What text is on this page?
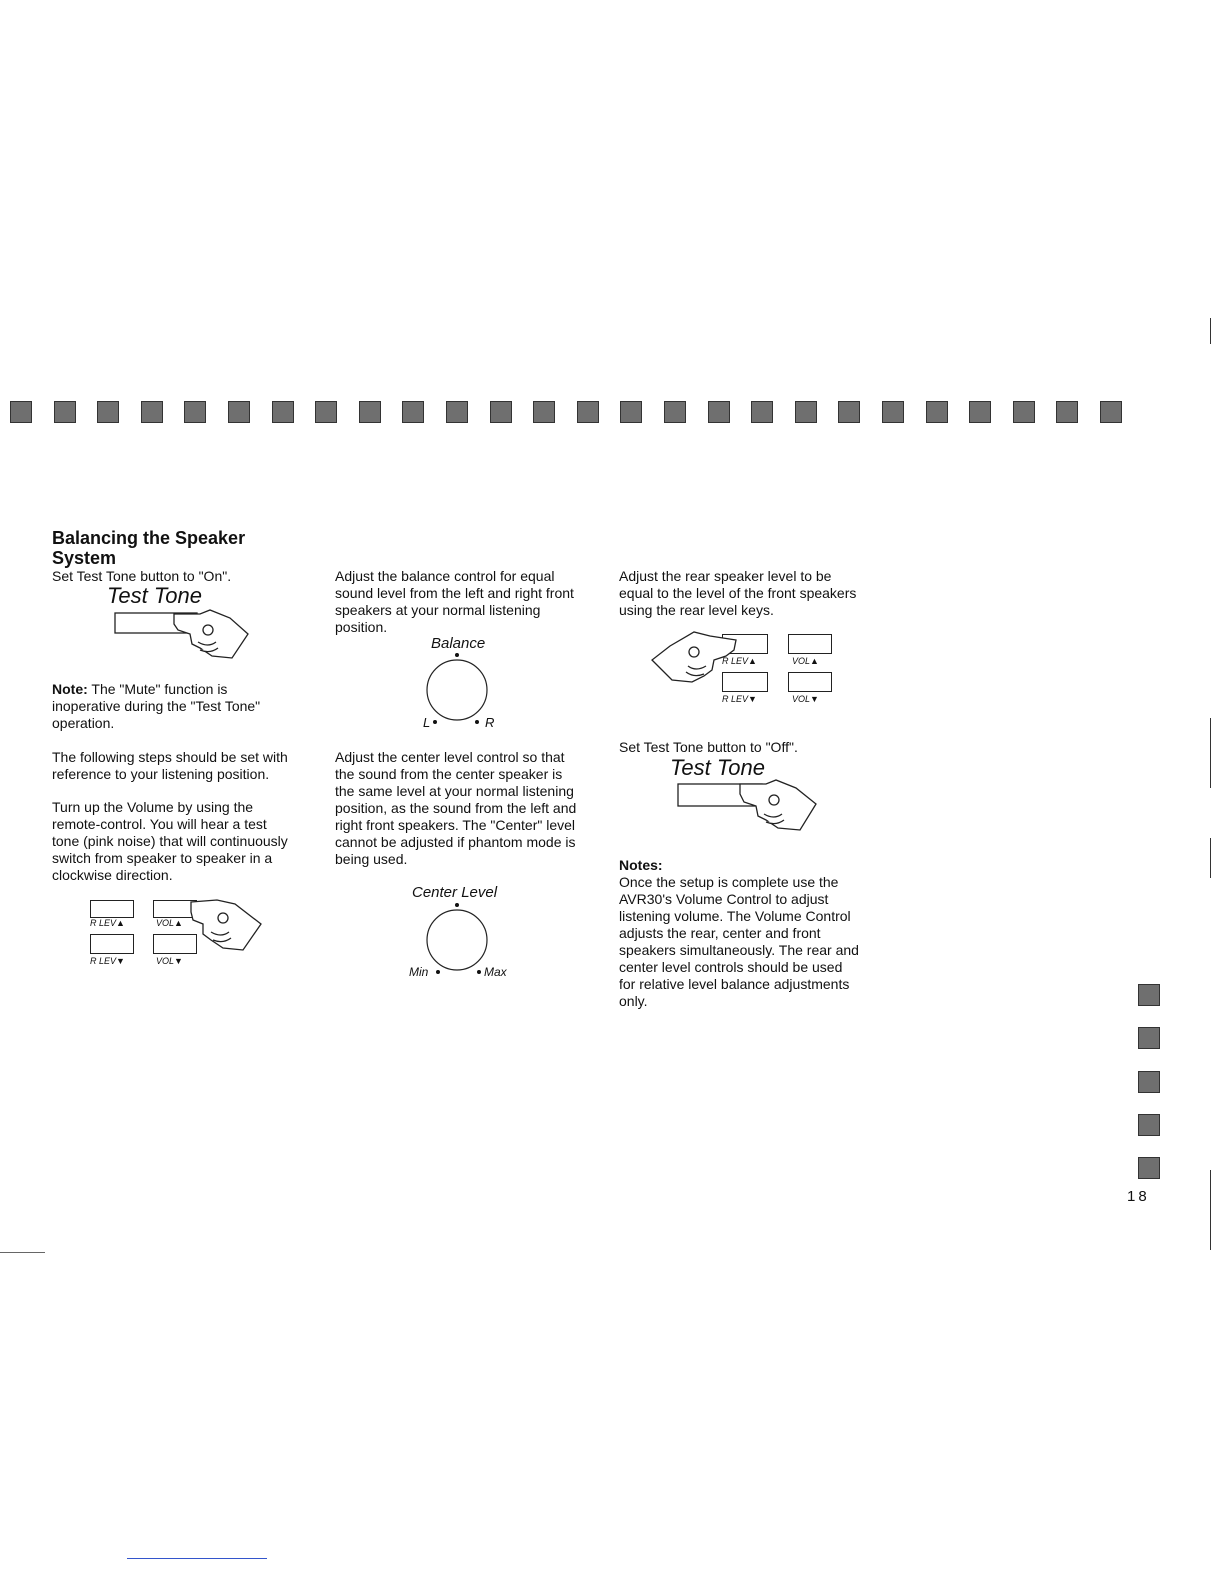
Balancing the Speaker System

Set Test Tone button to "On".

Test Tone

Note: The "Mute" function is inoperative during the "Test Tone" operation.

The following steps should be set with reference to your listening position.

Turn up the Volume by using the remote-control. You will hear a test tone (pink noise) that will continuously switch from speaker to speaker in a clockwise direction.

R LEV▲	VOL▲
R LEV▼	VOL▼

Adjust the balance control for equal sound level from the left and right front speakers at your normal listening position.

Balance
L	R

Adjust the center level control so that the sound from the center speaker is the same level at your normal listening position, as the sound from the left and right front speakers. The "Center" level cannot be adjusted if phantom mode is being used.

Center Level
Min	Max

Adjust the rear speaker level to be equal to the level of the front speakers using the rear level keys.

R LEV▲	VOL▲
R LEV▼	VOL▼

Set Test Tone button to "Off".

Test Tone

Notes:

Once the setup is complete use the AVR30's Volume Control to adjust listening volume. The Volume Control adjusts the rear, center and front speakers simultaneously. The rear and center level controls should be used for relative level balance adjustments only.

18
